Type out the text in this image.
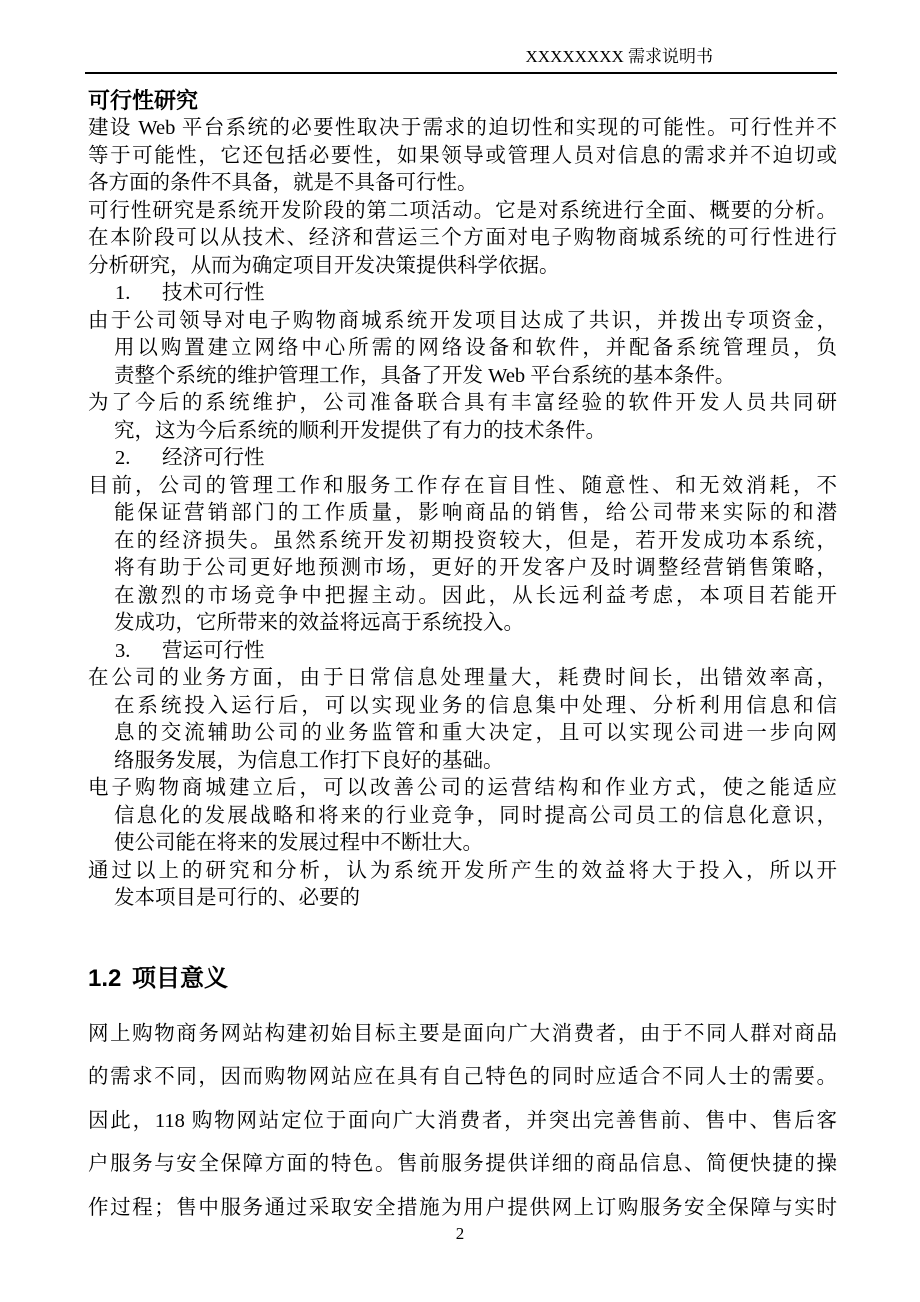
XXXXXXXX 需求说明书
可行性研究
建设 Web 平台系统的必要性取决于需求的迫切性和实现的可能性。可行性并不
等于可能性，它还包括必要性，如果领导或管理人员对信息的需求并不迫切或
各方面的条件不具备，就是不具备可行性。
可行性研究是系统开发阶段的第二项活动。它是对系统进行全面、概要的分析。
在本阶段可以从技术、经济和营运三个方面对电子购物商城系统的可行性进行
分析研究，从而为确定项目开发决策提供科学依据。
1. 技术可行性
由于公司领导对电子购物商城系统开发项目达成了共识，并拨出专项资金，
用以购置建立网络中心所需的网络设备和软件，并配备系统管理员，负
责整个系统的维护管理工作，具备了开发 Web 平台系统的基本条件。
为了今后的系统维护，公司准备联合具有丰富经验的软件开发人员共同研
究，这为今后系统的顺利开发提供了有力的技术条件。
2. 经济可行性
目前，公司的管理工作和服务工作存在盲目性、随意性、和无效消耗，不
能保证营销部门的工作质量，影响商品的销售，给公司带来实际的和潜
在的经济损失。虽然系统开发初期投资较大，但是，若开发成功本系统，
将有助于公司更好地预测市场，更好的开发客户及时调整经营销售策略，
在激烈的市场竞争中把握主动。因此，从长远利益考虑，本项目若能开
发成功，它所带来的效益将远高于系统投入。
3. 营运可行性
在公司的业务方面，由于日常信息处理量大，耗费时间长，出错效率高，
在系统投入运行后，可以实现业务的信息集中处理、分析利用信息和信
息的交流辅助公司的业务监管和重大决定，且可以实现公司进一步向网
络服务发展，为信息工作打下良好的基础。
电子购物商城建立后，可以改善公司的运营结构和作业方式，使之能适应
信息化的发展战略和将来的行业竞争，同时提高公司员工的信息化意识，
使公司能在将来的发展过程中不断壮大。
通过以上的研究和分析，认为系统开发所产生的效益将大于投入，所以开
发本项目是可行的、必要的
1.2 项目意义
网上购物商务网站构建初始目标主要是面向广大消费者，由于不同人群对商品
的需求不同，因而购物网站应在具有自己特色的同时应适合不同人士的需要。
因此，118 购物网站定位于面向广大消费者，并突出完善售前、售中、售后客
户服务与安全保障方面的特色。售前服务提供详细的商品信息、简便快捷的操
作过程；售中服务通过采取安全措施为用户提供网上订购服务安全保障与实时
2
